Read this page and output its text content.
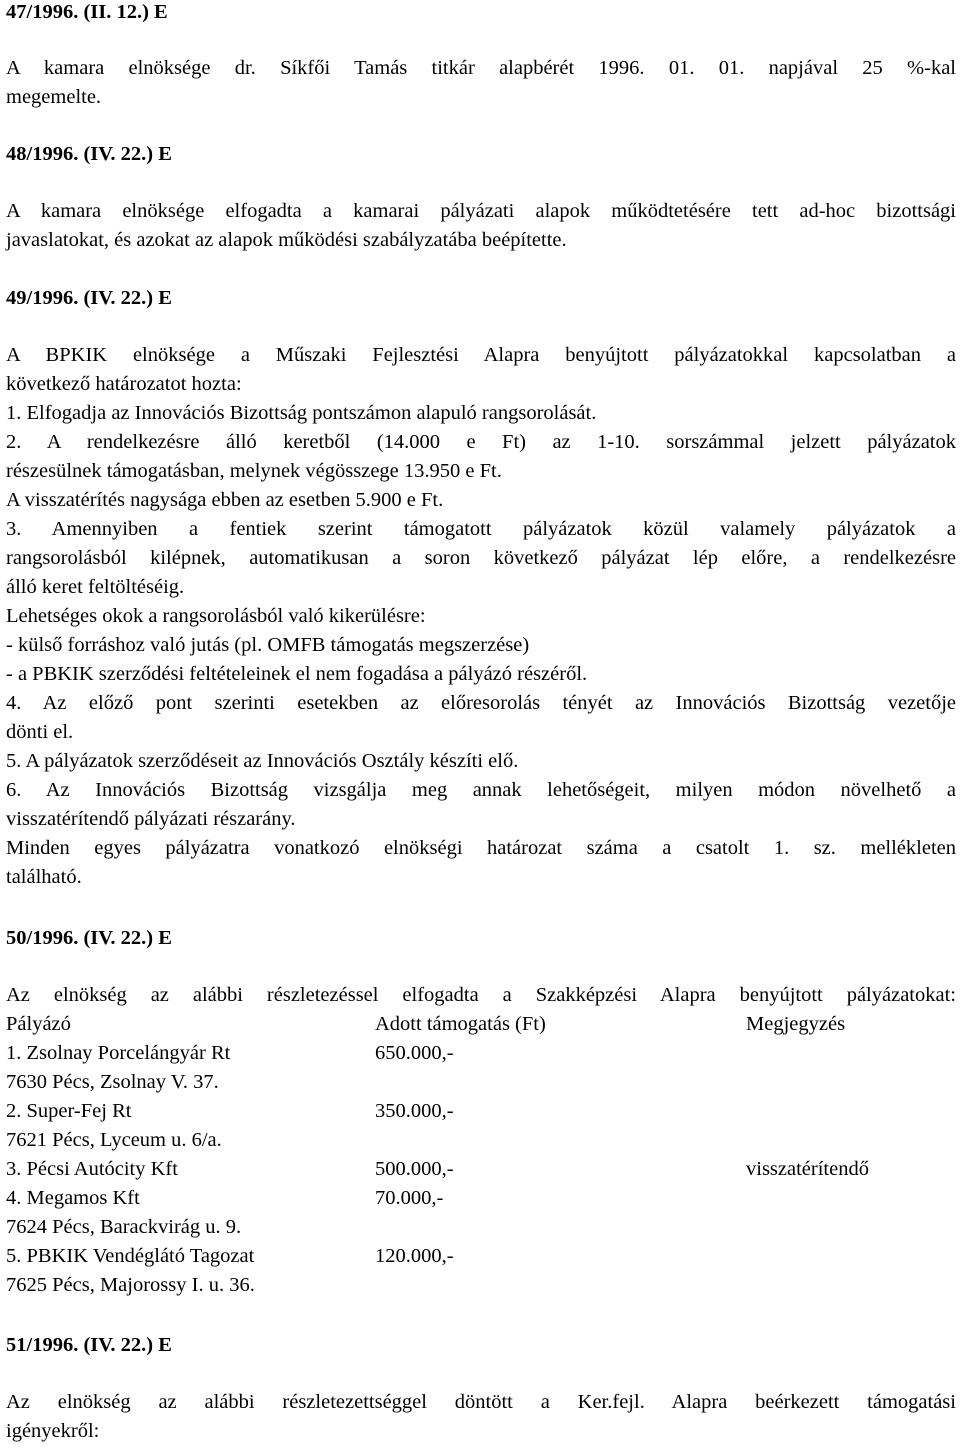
47/1996. (II. 12.) E
A kamara elnöksége dr. Síkfői Tamás titkár alapbérét 1996. 01. 01. napjával 25 %-kal
megemelte.
48/1996. (IV. 22.) E
A kamara elnöksége elfogadta a kamarai pályázati alapok működtetésére tett ad-hoc bizottsági
javaslatokat, és azokat az alapok működési szabályzatába beépítette.
49/1996. (IV. 22.) E
A BPKIK elnöksége a Műszaki Fejlesztési Alapra benyújtott pályázatokkal kapcsolatban a
következő határozatot hozta:
1. Elfogadja az Innovációs Bizottság pontszámon alapuló rangsorolását.
2. A rendelkezésre álló keretből (14.000 e Ft) az 1-10. sorszámmal jelzett pályázatok
részesülnek támogatásban, melynek végösszege 13.950 e Ft.
A visszatérítés nagysága ebben az esetben 5.900 e Ft.
3. Amennyiben a fentiek szerint támogatott pályázatok közül valamely pályázatok a
rangsorolásból kilépnek, automatikusan a soron következő pályázat lép előre, a rendelkezésre
álló keret feltöltéséig.
Lehetséges okok a rangsorolásból való kikerülésre:
- külső forráshoz való jutás (pl. OMFB támogatás megszerzése)
- a PBKIK szerződési feltételeinek el nem fogadása a pályázó részéről.
4. Az előző pont szerinti esetekben az előresorolás tényét az Innovációs Bizottság vezetője
dönti el.
5. A pályázatok szerződéseit az Innovációs Osztály készíti elő.
6. Az Innovációs Bizottság vizsgálja meg annak lehetőségeit, milyen módon növelhető a
visszatérítendő pályázati részarány.
Minden egyes pályázatra vonatkozó elnökségi határozat száma a csatolt 1. sz. mellékleten
található.
50/1996. (IV. 22.) E
Az elnökség az alábbi részletezéssel elfogadta a Szakképzési Alapra benyújtott pályázatokat:
Pályázó	Adott támogatás (Ft)	Megjegyzés
1. Zsolnay Porcelángyár Rt	650.000,-
7630 Pécs, Zsolnay V. 37.
2. Super-Fej Rt	350.000,-
7621 Pécs, Lyceum u. 6/a.
3. Pécsi Autócity Kft	500.000,-	visszatérítendő
4. Megamos Kft	70.000,-
7624 Pécs, Barackvirág u. 9.
5. PBKIK Vendéglátó Tagozat	120.000,-
7625 Pécs, Majorossy I. u. 36.
51/1996. (IV. 22.) E
Az elnökség az alábbi részletezettséggel döntött a Ker.fejl. Alapra beérkezett támogatási
igényekről:
